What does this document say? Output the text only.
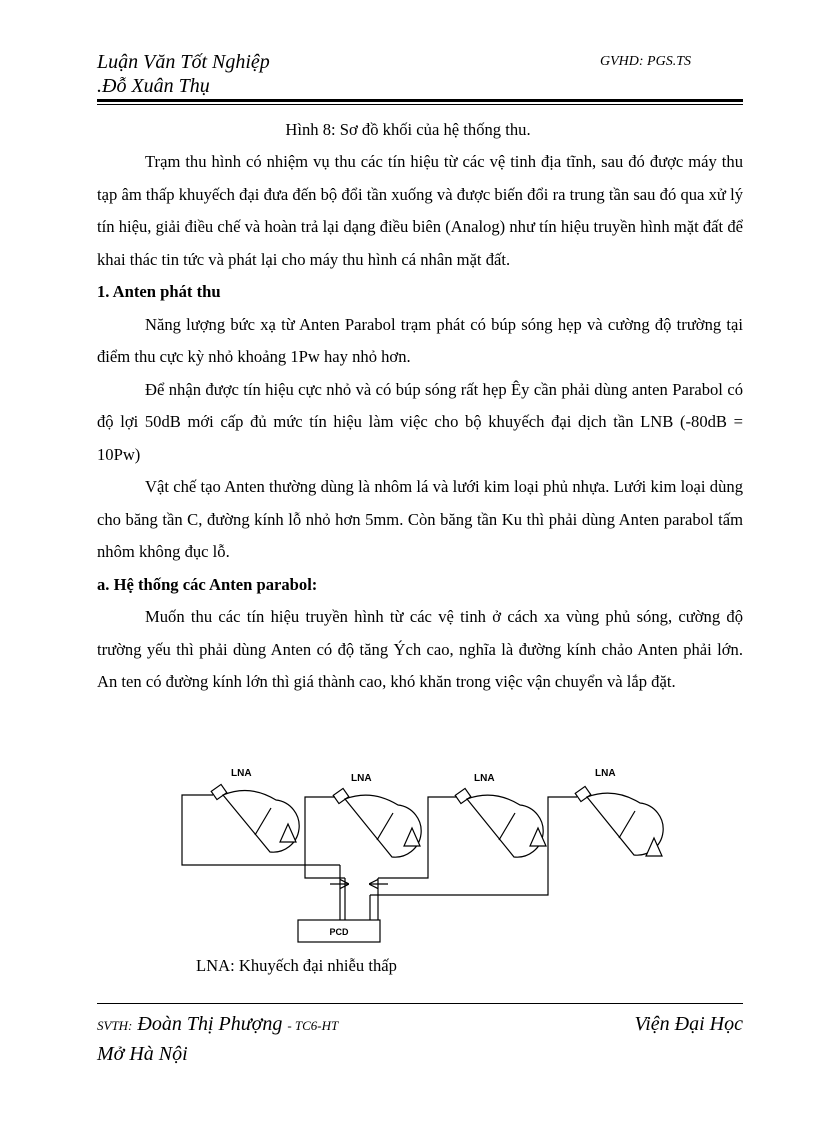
Luận Văn Tốt Nghiệp
.Đỗ Xuân Thụ
GVHD: PGS.TS
Hình 8: Sơ đồ khối của hệ thống thu.

Trạm thu hình có nhiệm vụ thu các tín hiệu từ các vệ tinh địa tĩnh, sau đó được máy thu tạp âm thấp khuyếch đại đưa đến bộ đổi tần xuống và được biến đổi ra trung tần sau đó qua xử lý tín hiệu, giải điều chế và hoàn trả lại dạng điều biên (Analog) như tín hiệu truyền hình mặt đất để khai thác tin tức và phát lại cho máy thu hình cá nhân mặt đất.

1. Anten phát thu

Năng lượng bức xạ từ Anten Parabol trạm phát có búp sóng hẹp và cường độ trường tại điểm thu cực kỳ nhỏ khoảng 1Pw hay nhỏ hơn.

Để nhận được tín hiệu cực nhỏ và có búp sóng rất hẹp Êy cần phải dùng anten Parabol có độ lợi 50dB mới cấp đủ mức tín hiệu làm việc cho bộ khuyếch đại dịch tần LNB (-80dB = 10Pw)

Vật chế tạo Anten thường dùng là nhôm lá và lưới kim loại phủ nhựa. Lưới kim loại dùng cho băng tần C, đường kính lỗ nhỏ hơn 5mm. Còn băng tần Ku thì phải dùng Anten parabol tấm nhôm không đục lỗ.

a. Hệ thống các Anten parabol:

Muốn thu các tín hiệu truyền hình từ các vệ tinh ở cách xa vùng phủ sóng, cường độ trường yếu thì phải dùng Anten có độ tăng Ých cao, nghĩa là đường kính chảo Anten phải lớn. An ten có đường kính lớn thì giá thành cao, khó khăn trong việc vận chuyển và lắp đặt.

LNA	LNA	LNA	LNA
PCD
LNA: Khuyếch đại nhiễu thấp
SVTH: Đoàn Thị Phượng - TC6-HT
Mở Hà Nội
Viện Đại Học
